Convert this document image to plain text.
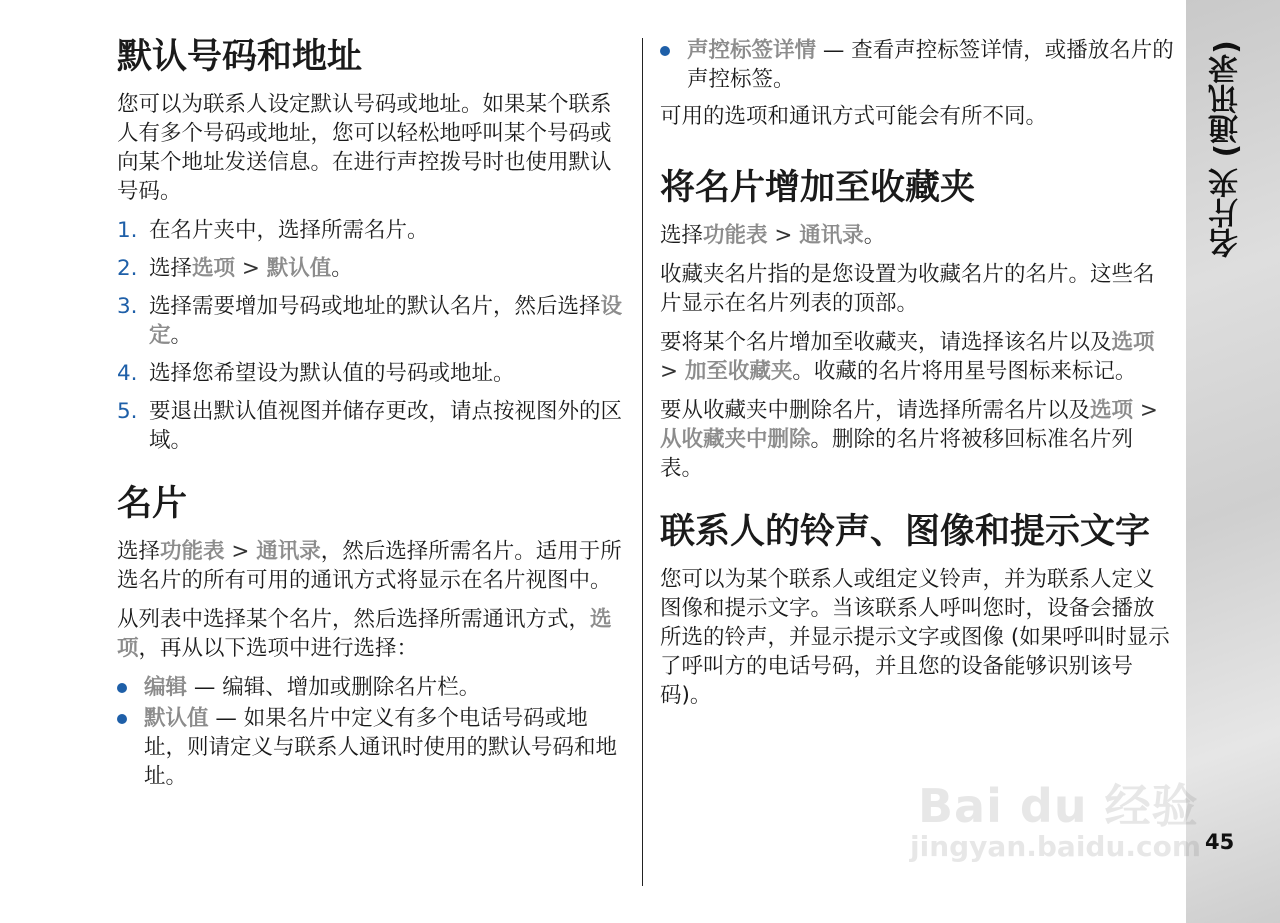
默认号码和地址

您可以为联系人设定默认号码或地址。如果某个联系人有多个号码或地址，您可以轻松地呼叫某个号码或向某个地址发送信息。在进行声控拨号时也使用默认号码。

1. 在名片夹中，选择所需名片。
2. 选择选项 > 默认值。
3. 选择需要增加号码或地址的默认名片，然后选择设定。
4. 选择您希望设为默认值的号码或地址。
5. 要退出默认值视图并储存更改，请点按视图外的区域。
名片

选择功能表 > 通讯录，然后选择所需名片。适用于所选名片的所有可用的通讯方式将显示在名片视图中。

从列表中选择某个名片，然后选择所需通讯方式，选项，再从以下选项中进行选择：

编辑 — 编辑、增加或删除名片栏。
默认值 — 如果名片中定义有多个电话号码或地址，则请定义与联系人通讯时使用的默认号码和地址。
声控标签详情 — 查看声控标签详情，或播放名片的声控标签。

可用的选项和通讯方式可能会有所不同。

将名片增加至收藏夹

选择功能表 > 通讯录。

收藏夹名片指的是您设置为收藏名片的名片。这些名片显示在名片列表的顶部。

要将某个名片增加至收藏夹，请选择该名片以及选项 > 加至收藏夹。收藏的名片将用星号图标来标记。

要从收藏夹中删除名片，请选择所需名片以及选项 > 从收藏夹中删除。删除的名片将被移回标准名片列表。

联系人的铃声、图像和提示文字

您可以为某个联系人或组定义铃声，并为联系人定义图像和提示文字。当该联系人呼叫您时，设备会播放所选的铃声，并显示提示文字或图像 (如果呼叫时显示了呼叫方的电话号码，并且您的设备能够识别该号码)。

名片夹 (通讯录)
45
Bai du 经验
jingyan.baidu.com
